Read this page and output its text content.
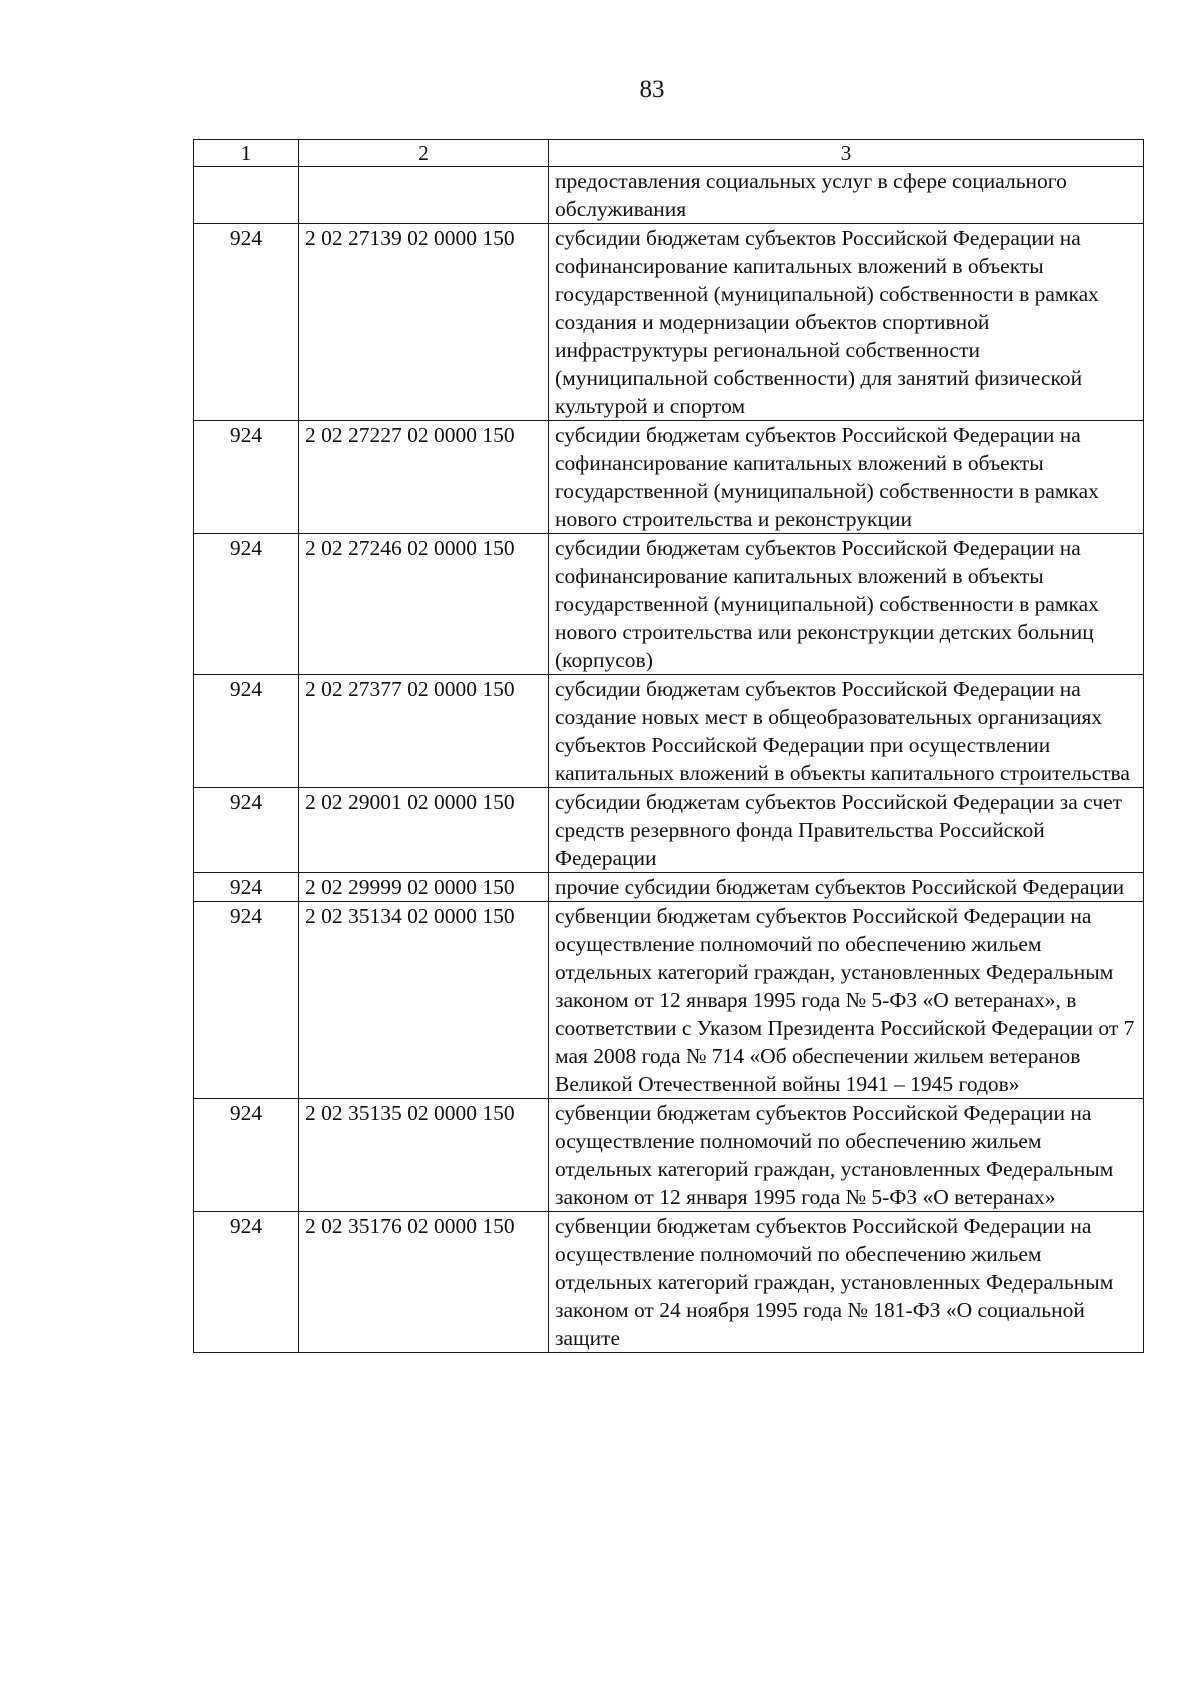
83
1	2	3
		предоставления социальных услуг в сфере социального обслуживания
924	2 02 27139 02 0000 150	субсидии бюджетам субъектов Российской Федерации на софинансирование капитальных вложений в объекты государственной (муниципальной) собственности в рамках создания и модернизации объектов спортивной инфраструктуры региональной собственности (муниципальной собственности) для занятий физической культурой и спортом
924	2 02 27227 02 0000 150	субсидии бюджетам субъектов Российской Федерации на софинансирование капитальных вложений в объекты государственной (муниципальной) собственности в рамках нового строительства и реконструкции
924	2 02 27246 02 0000 150	субсидии бюджетам субъектов Российской Федерации на софинансирование капитальных вложений в объекты государственной (муниципальной) собственности в рамках нового строительства или реконструкции детских больниц (корпусов)
924	2 02 27377 02 0000 150	субсидии бюджетам субъектов Российской Федерации на создание новых мест в общеобразовательных организациях субъектов Российской Федерации при осуществлении капитальных вложений в объекты капитального строительства
924	2 02 29001 02 0000 150	субсидии бюджетам субъектов Российской Федерации за счет средств резервного фонда Правительства Российской Федерации
924	2 02 29999 02 0000 150	прочие субсидии бюджетам субъектов Российской Федерации
924	2 02 35134 02 0000 150	субвенции бюджетам субъектов Российской Федерации на осуществление полномочий по обеспечению жильем отдельных категорий граждан, установленных Федеральным законом от 12 января 1995 года № 5-ФЗ «О ветеранах», в соответствии с Указом Президента Российской Федерации от 7 мая 2008 года № 714 «Об обеспечении жильем ветеранов Великой Отечественной войны 1941 – 1945 годов»
924	2 02 35135 02 0000 150	субвенции бюджетам субъектов Российской Федерации на осуществление полномочий по обеспечению жильем отдельных категорий граждан, установленных Федеральным законом от 12 января 1995 года № 5-ФЗ «О ветеранах»
924	2 02 35176 02 0000 150	субвенции бюджетам субъектов Российской Федерации на осуществление полномочий по обеспечению жильем отдельных категорий граждан, установленных Федеральным законом от 24 ноября 1995 года № 181-ФЗ «О социальной защите
